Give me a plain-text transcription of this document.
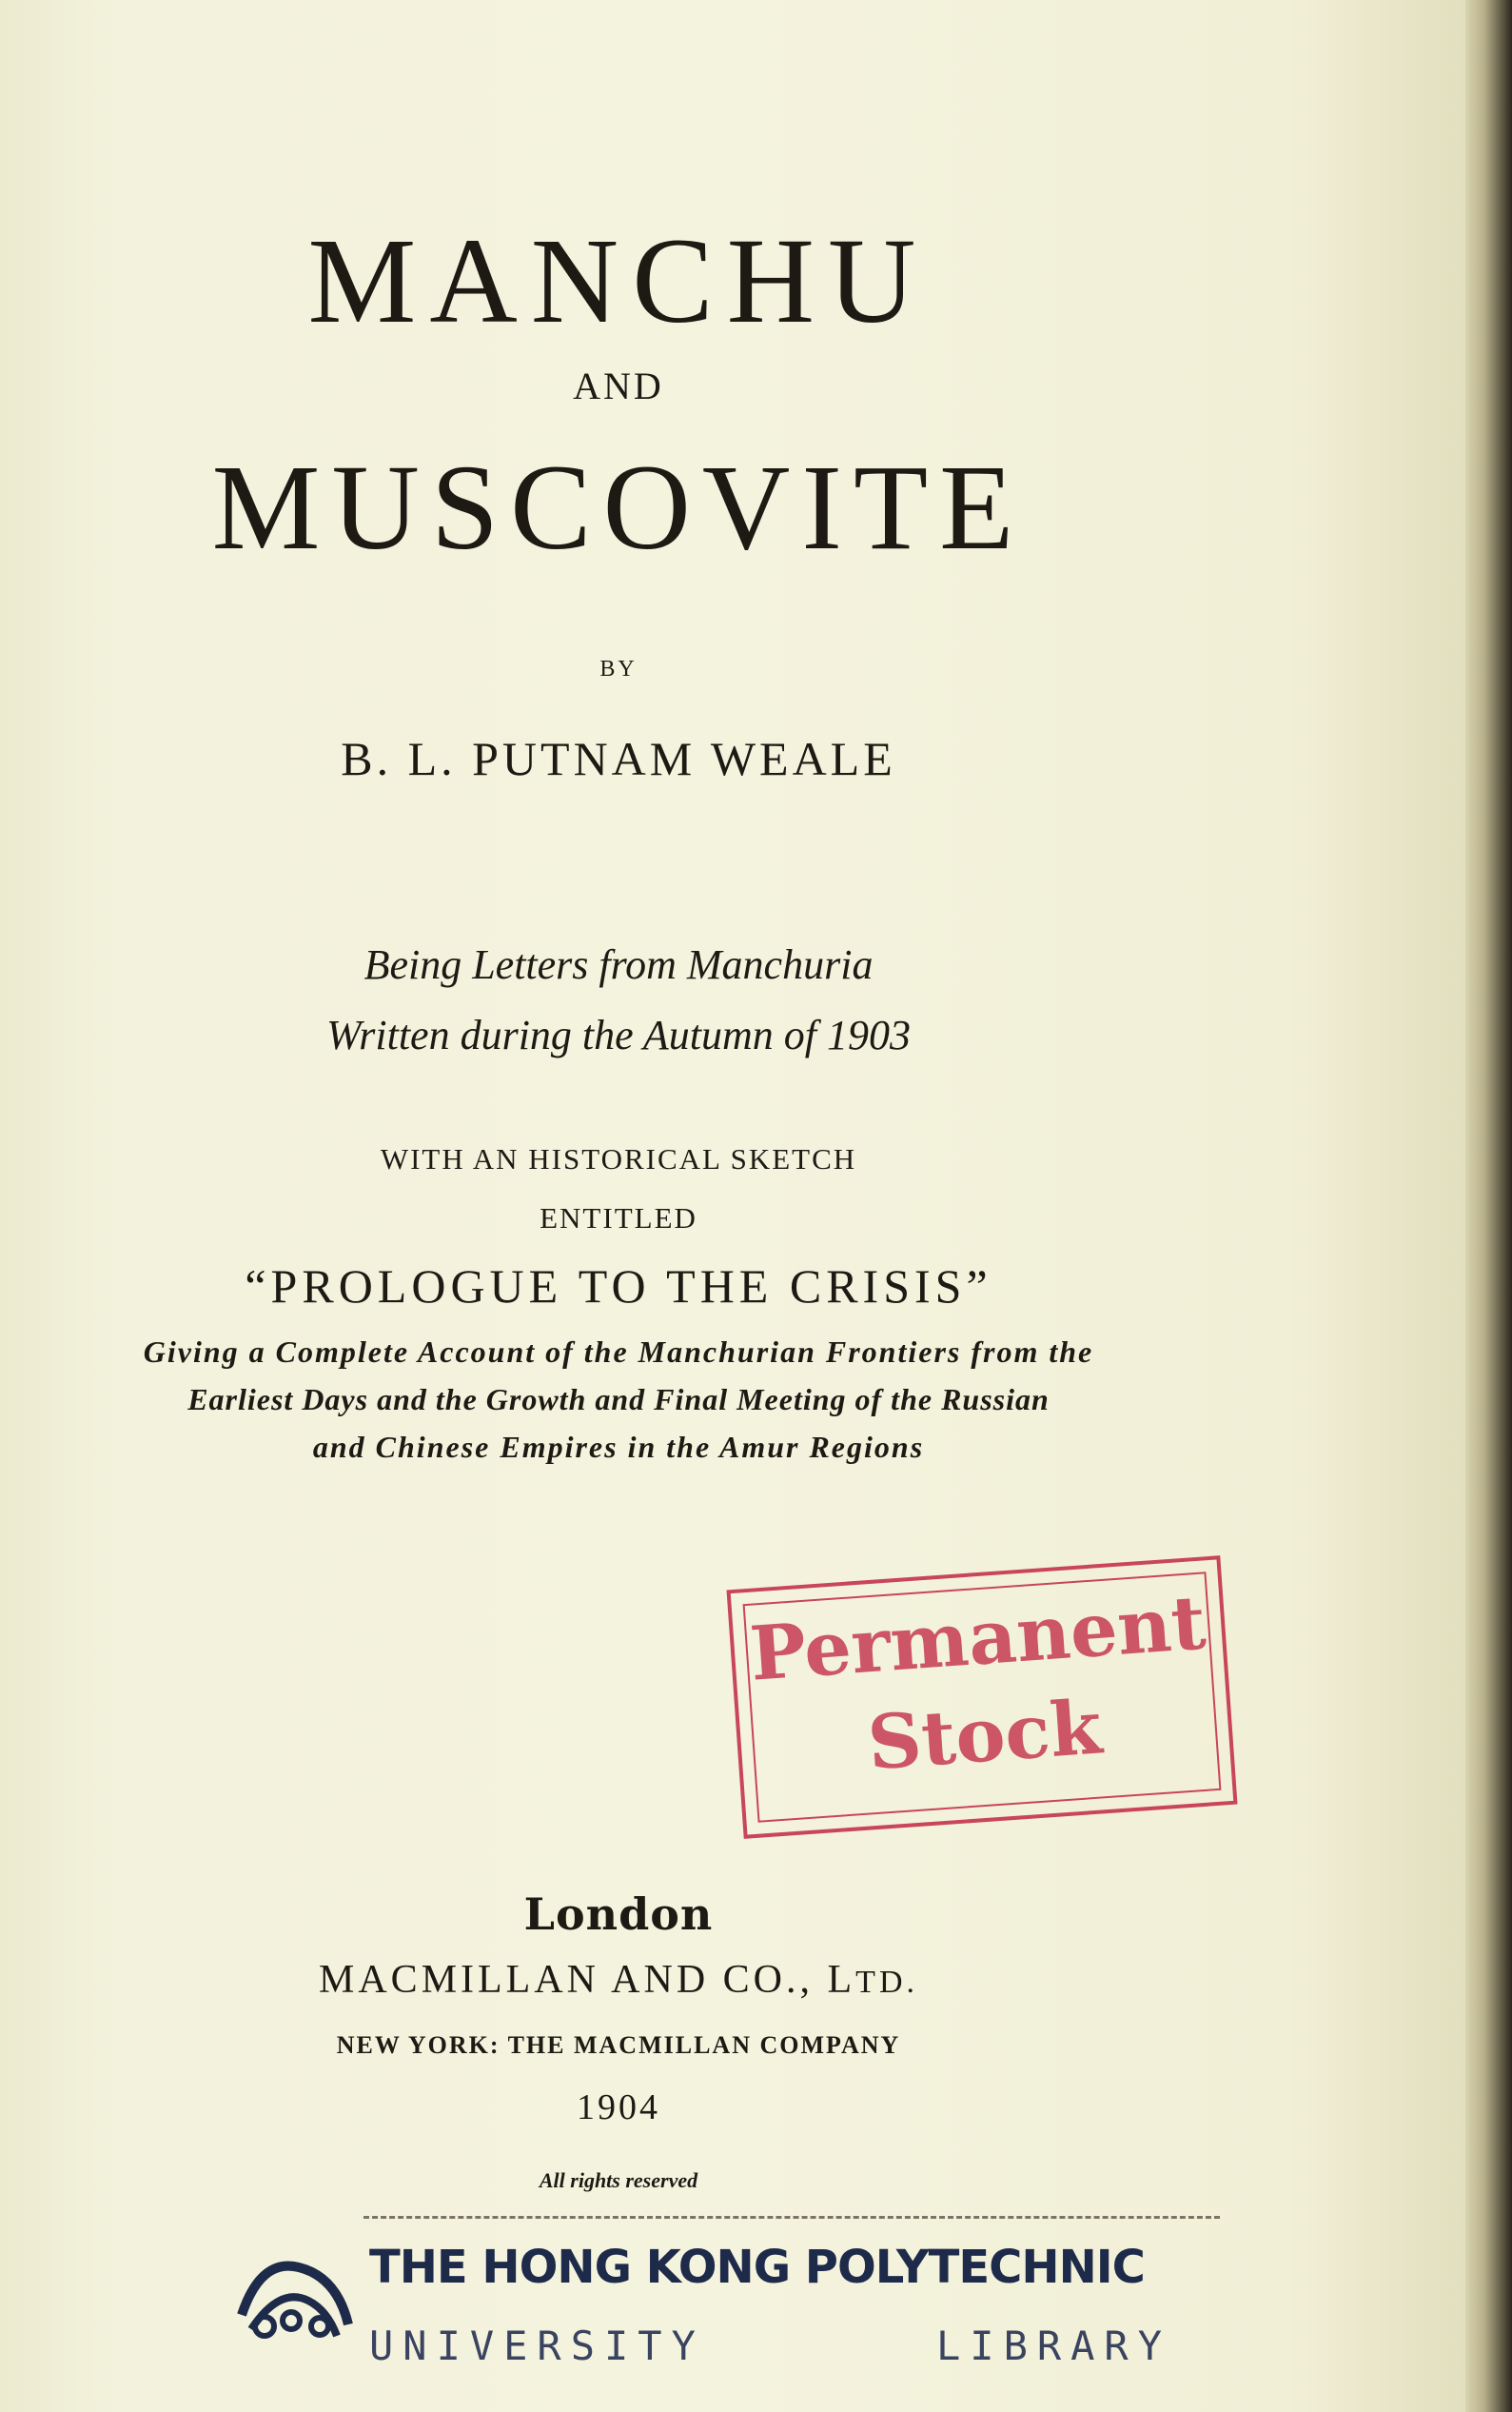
MANCHU
AND
MUSCOVITE
BY
B. L. PUTNAM WEALE
Being Letters from Manchuria
Written during the Autumn of 1903
WITH AN HISTORICAL SKETCH
ENTITLED
“PROLOGUE TO THE CRISIS”
Giving a Complete Account of the Manchurian Frontiers from the
Earliest Days and the Growth and Final Meeting of the Russian
and Chinese Empires in the Amur Regions
Permanent
Stock
London
MACMILLAN AND CO., LTD.
NEW YORK: THE MACMILLAN COMPANY
1904
All rights reserved
THE HONG KONG POLYTECHNIC
UNIVERSITY	LIBRARY
